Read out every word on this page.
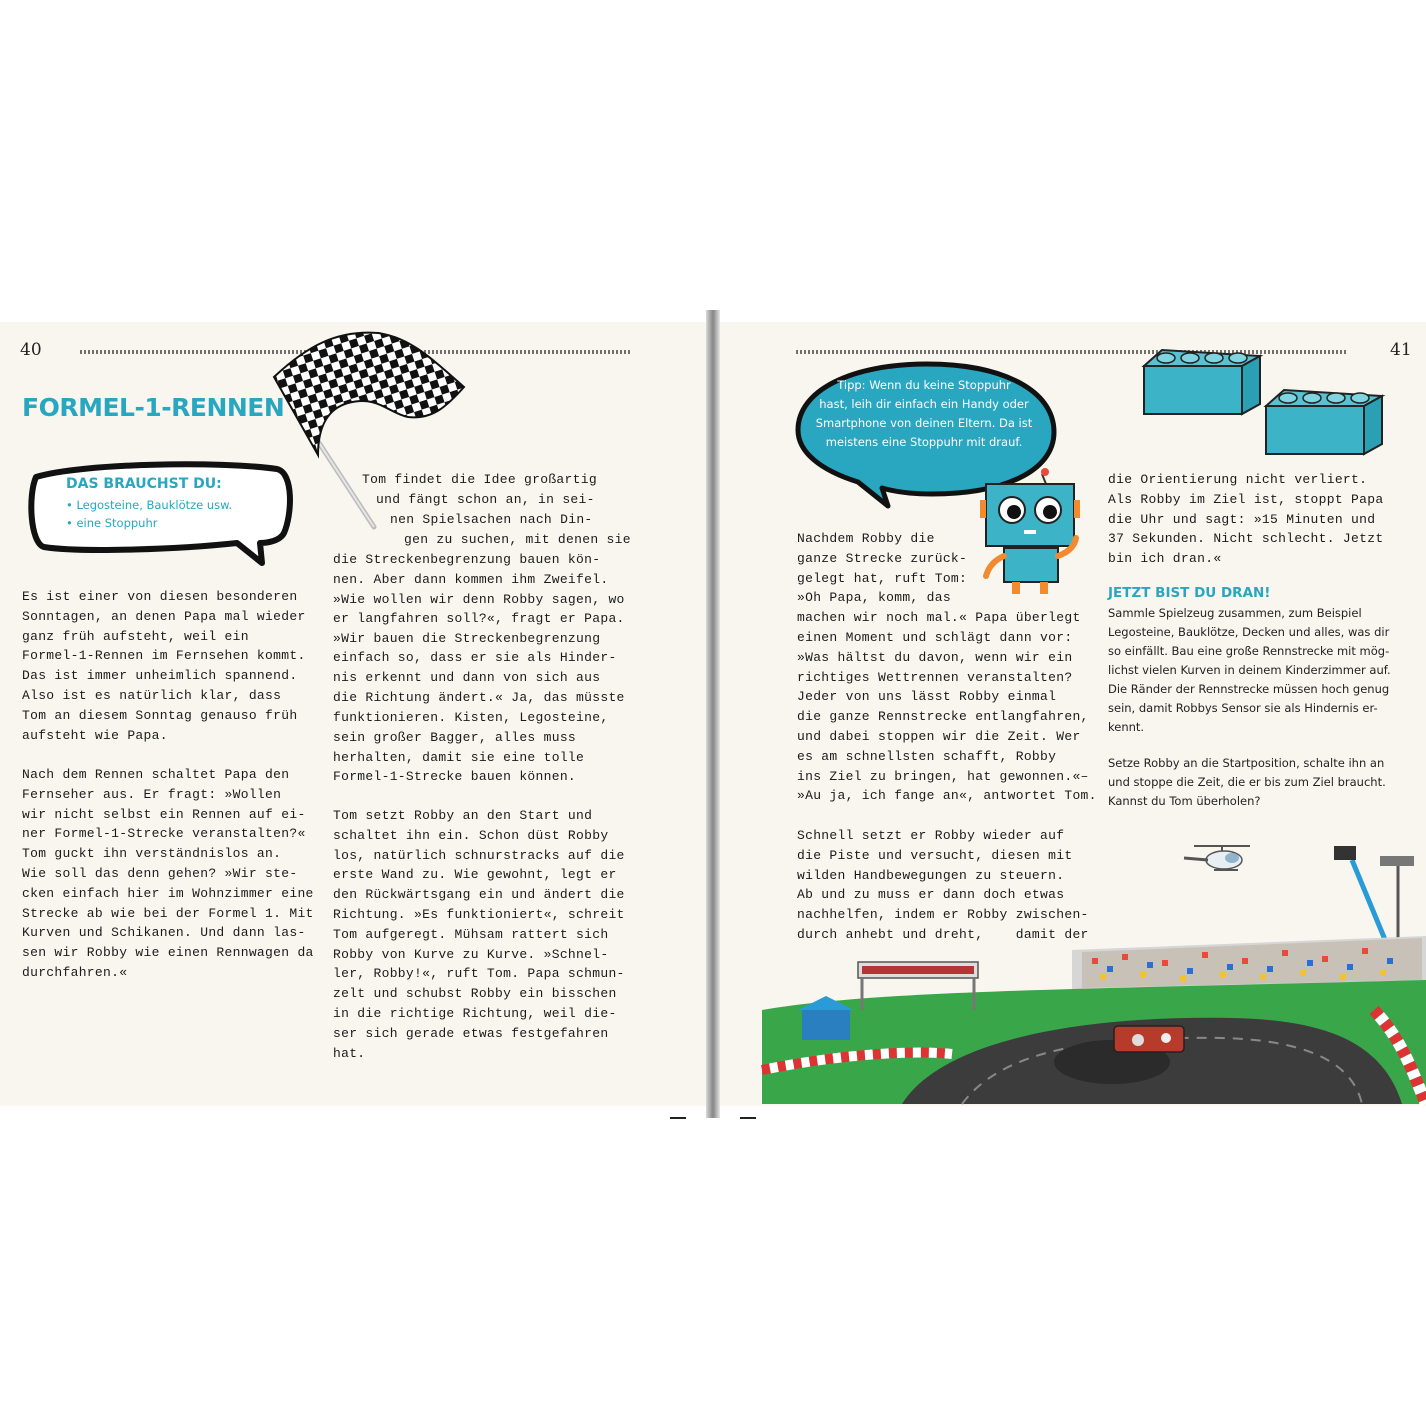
40
FORMEL-1-RENNEN
DAS BRAUCHST DU:
• Legosteine, Bauklötze usw.
• eine Stoppuhr
Es ist einer von diesen besonderen
Sonntagen, an denen Papa mal wieder
ganz früh aufsteht, weil ein
Formel-1-Rennen im Fernsehen kommt.
Das ist immer unheimlich spannend.
Also ist es natürlich klar, dass
Tom an diesem Sonntag genauso früh
aufsteht wie Papa.
Nach dem Rennen schaltet Papa den
Fernseher aus. Er fragt: »Wollen
wir nicht selbst ein Rennen auf ei-
ner Formel-1-Strecke veranstalten?«
Tom guckt ihn verständnislos an.
Wie soll das denn gehen? »Wir ste-
cken einfach hier im Wohnzimmer eine
Strecke ab wie bei der Formel 1. Mit
Kurven und Schikanen. Und dann las-
sen wir Robby wie einen Rennwagen da
durchfahren.«
Tom findet die Idee großartig
und fängt schon an, in sei-
nen Spielsachen nach Din-
gen zu suchen, mit denen sie
die Streckenbegrenzung bauen kön-
nen. Aber dann kommen ihm Zweifel.
»Wie wollen wir denn Robby sagen, wo
er langfahren soll?«, fragt er Papa.
»Wir bauen die Streckenbegrenzung
einfach so, dass er sie als Hinder-
nis erkennt und dann von sich aus
die Richtung ändert.« Ja, das müsste
funktionieren. Kisten, Legosteine,
sein großer Bagger, alles muss
herhalten, damit sie eine tolle
Formel-1-Strecke bauen können.
Tom setzt Robby an den Start und
schaltet ihn ein. Schon düst Robby
los, natürlich schnurstracks auf die
erste Wand zu. Wie gewohnt, legt er
den Rückwärtsgang ein und ändert die
Richtung. »Es funktioniert«, schreit
Tom aufgeregt. Mühsam rattert sich
Robby von Kurve zu Kurve. »Schnel-
ler, Robby!«, ruft Tom. Papa schmun-
zelt und schubst Robby ein bisschen
in die richtige Richtung, weil die-
ser sich gerade etwas festgefahren
hat.
41
Tipp: Wenn du keine Stoppuhr
hast, leih dir einfach ein Handy oder
Smartphone von deinen Eltern. Da ist
meistens eine Stoppuhr mit drauf.
Nachdem Robby die
ganze Strecke zurück-
gelegt hat, ruft Tom:
»Oh Papa, komm, das
machen wir noch mal.« Papa überlegt
einen Moment und schlägt dann vor:
»Was hältst du davon, wenn wir ein
richtiges Wettrennen veranstalten?
Jeder von uns lässt Robby einmal
die ganze Rennstrecke entlangfahren,
und dabei stoppen wir die Zeit. Wer
es am schnellsten schafft, Robby
ins Ziel zu bringen, hat gewonnen.«–
»Au ja, ich fange an«, antwortet Tom.
Schnell setzt er Robby wieder auf
die Piste und versucht, diesen mit
wilden Handbewegungen zu steuern.
Ab und zu muss er dann doch etwas
nachhelfen, indem er Robby zwischen-
durch anhebt und dreht,    damit der
die Orientierung nicht verliert.
Als Robby im Ziel ist, stoppt Papa
die Uhr und sagt: »15 Minuten und
37 Sekunden. Nicht schlecht. Jetzt
bin ich dran.«
JETZT BIST DU DRAN!
Sammle Spielzeug zusammen, zum Beispiel
Legosteine, Bauklötze, Decken und alles, was dir
so einfällt. Bau eine große Rennstrecke mit mög-
lichst vielen Kurven in deinem Kinderzimmer auf.
Die Ränder der Rennstrecke müssen hoch genug
sein, damit Robbys Sensor sie als Hindernis er-
kennt.
Setze Robby an die Startposition, schalte ihn an
und stoppe die Zeit, die er bis zum Ziel braucht.
Kannst du Tom überholen?
